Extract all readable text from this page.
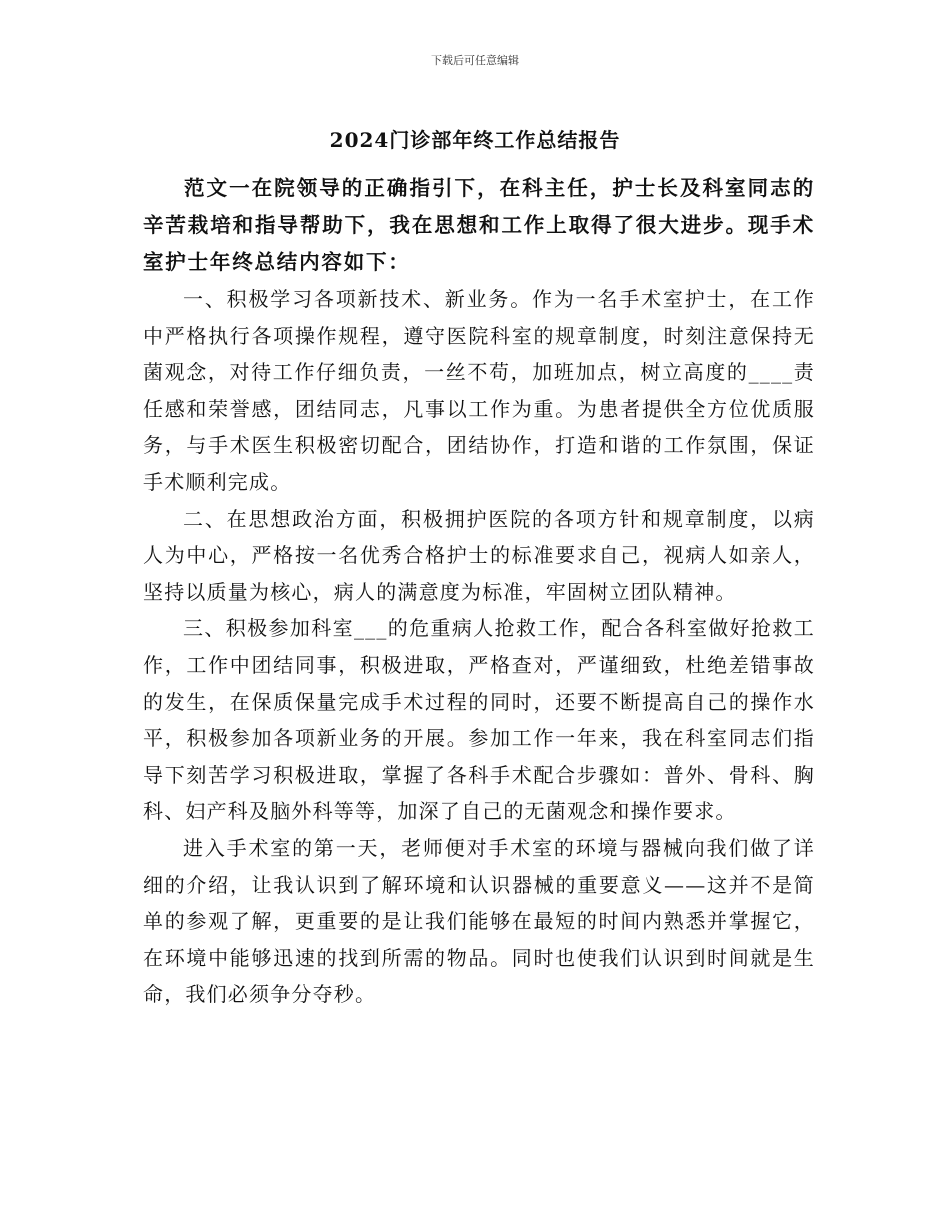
下载后可任意编辑
2024门诊部年终工作总结报告

范文一在院领导的正确指引下，在科主任，护士长及科室同志的辛苦栽培和指导帮助下，我在思想和工作上取得了很大进步。现手术室护士年终总结内容如下：

一、积极学习各项新技术、新业务。作为一名手术室护士，在工作中严格执行各项操作规程，遵守医院科室的规章制度，时刻注意保持无菌观念，对待工作仔细负责，一丝不苟，加班加点，树立高度的____责任感和荣誉感，团结同志，凡事以工作为重。为患者提供全方位优质服务，与手术医生积极密切配合，团结协作，打造和谐的工作氛围，保证手术顺利完成。

二、在思想政治方面，积极拥护医院的各项方针和规章制度，以病人为中心，严格按一名优秀合格护士的标准要求自己，视病人如亲人，坚持以质量为核心，病人的满意度为标准，牢固树立团队精神。

三、积极参加科室___的危重病人抢救工作，配合各科室做好抢救工作，工作中团结同事，积极进取，严格查对，严谨细致，杜绝差错事故的发生，在保质保量完成手术过程的同时，还要不断提高自己的操作水平，积极参加各项新业务的开展。参加工作一年来，我在科室同志们指导下刻苦学习积极进取，掌握了各科手术配合步骤如：普外、骨科、胸科、妇产科及脑外科等等，加深了自己的无菌观念和操作要求。

进入手术室的第一天，老师便对手术室的环境与器械向我们做了详细的介绍，让我认识到了解环境和认识器械的重要意义——这并不是简单的参观了解，更重要的是让我们能够在最短的时间内熟悉并掌握它，在环境中能够迅速的找到所需的物品。同时也使我们认识到时间就是生命，我们必须争分夺秒。
